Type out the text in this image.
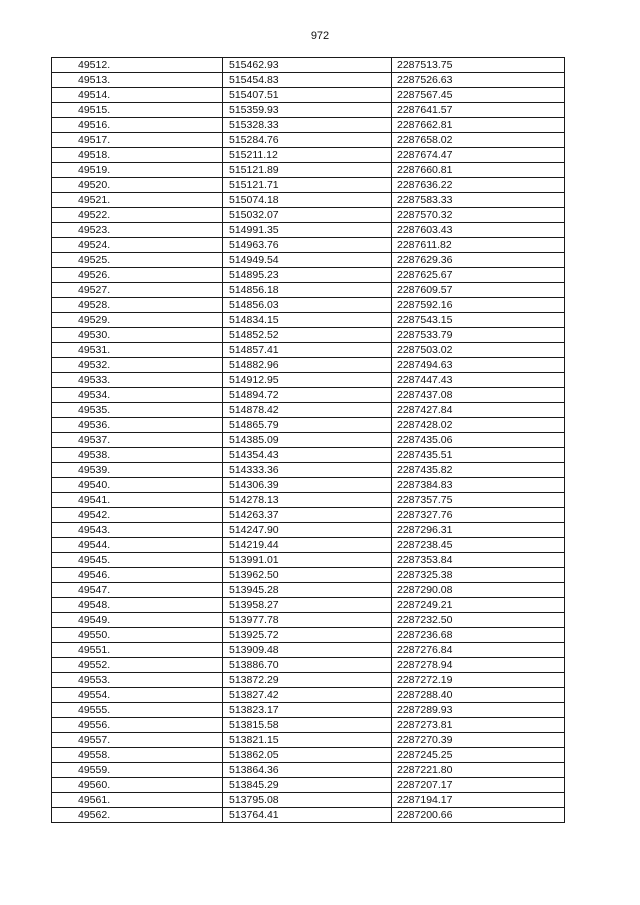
972
49512.	515462.93	2287513.75
49513.	515454.83	2287526.63
49514.	515407.51	2287567.45
49515.	515359.93	2287641.57
49516.	515328.33	2287662.81
49517.	515284.76	2287658.02
49518.	515211.12	2287674.47
49519.	515121.89	2287660.81
49520.	515121.71	2287636.22
49521.	515074.18	2287583.33
49522.	515032.07	2287570.32
49523.	514991.35	2287603.43
49524.	514963.76	2287611.82
49525.	514949.54	2287629.36
49526.	514895.23	2287625.67
49527.	514856.18	2287609.57
49528.	514856.03	2287592.16
49529.	514834.15	2287543.15
49530.	514852.52	2287533.79
49531.	514857.41	2287503.02
49532.	514882.96	2287494.63
49533.	514912.95	2287447.43
49534.	514894.72	2287437.08
49535.	514878.42	2287427.84
49536.	514865.79	2287428.02
49537.	514385.09	2287435.06
49538.	514354.43	2287435.51
49539.	514333.36	2287435.82
49540.	514306.39	2287384.83
49541.	514278.13	2287357.75
49542.	514263.37	2287327.76
49543.	514247.90	2287296.31
49544.	514219.44	2287238.45
49545.	513991.01	2287353.84
49546.	513962.50	2287325.38
49547.	513945.28	2287290.08
49548.	513958.27	2287249.21
49549.	513977.78	2287232.50
49550.	513925.72	2287236.68
49551.	513909.48	2287276.84
49552.	513886.70	2287278.94
49553.	513872.29	2287272.19
49554.	513827.42	2287288.40
49555.	513823.17	2287289.93
49556.	513815.58	2287273.81
49557.	513821.15	2287270.39
49558.	513862.05	2287245.25
49559.	513864.36	2287221.80
49560.	513845.29	2287207.17
49561.	513795.08	2287194.17
49562.	513764.41	2287200.66
